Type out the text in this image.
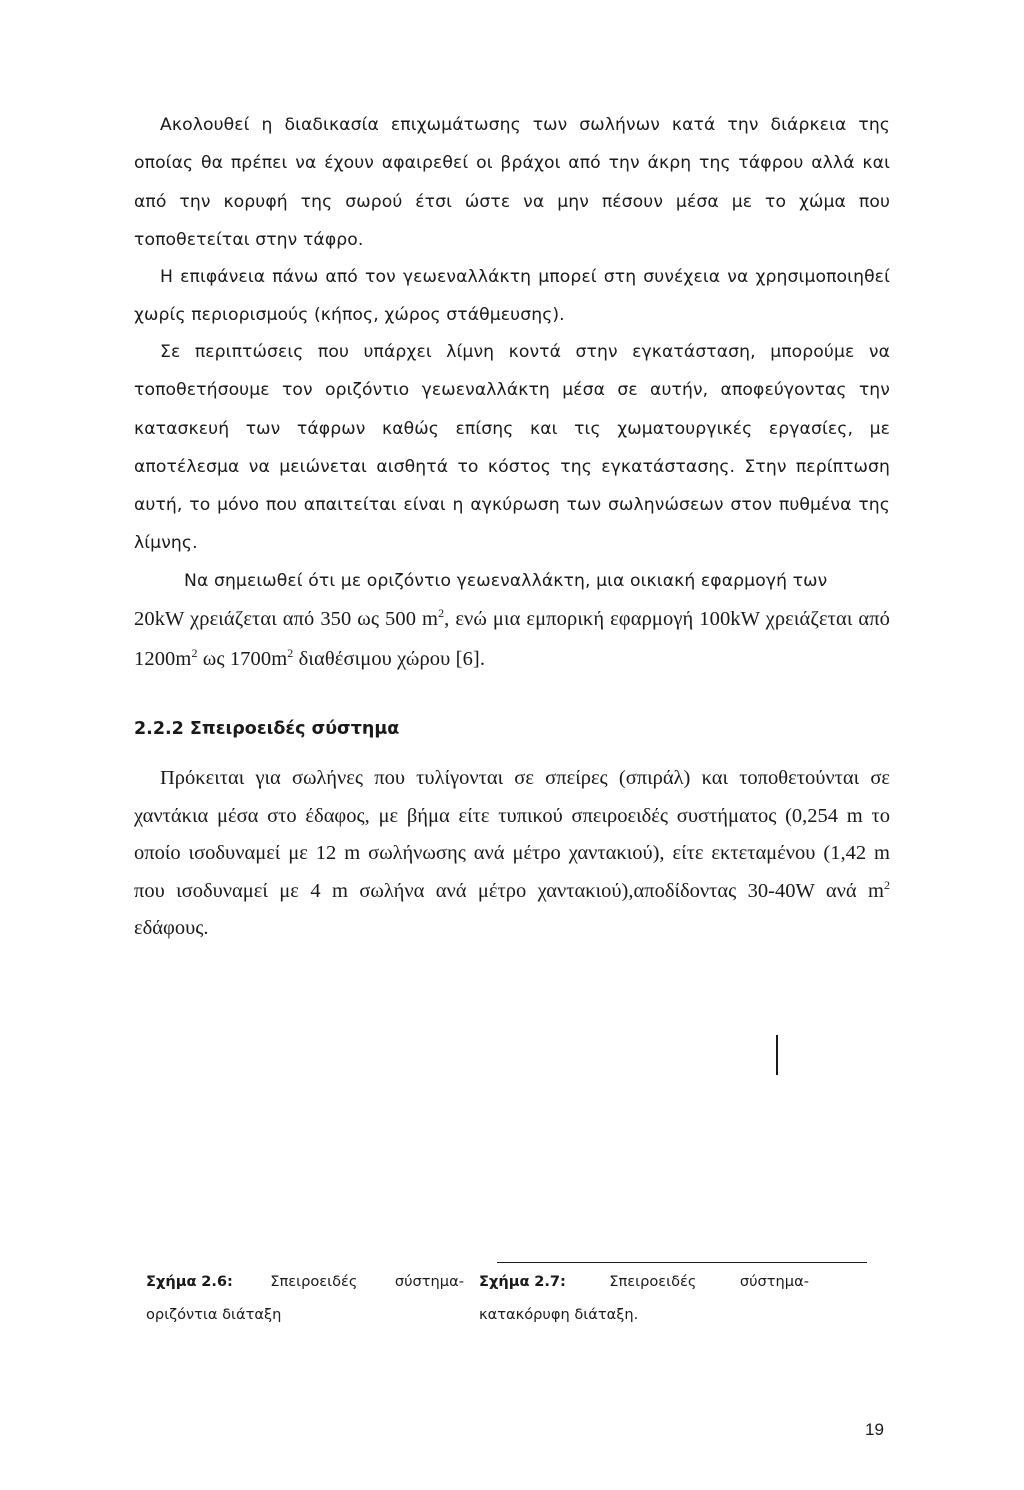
Ακολουθεί η διαδικασία επιχωμάτωσης των σωλήνων κατά την διάρκεια της οποίας θα πρέπει να έχουν αφαιρεθεί οι βράχοι από την άκρη της τάφρου αλλά και από την κορυφή της σωρού έτσι ώστε να μην πέσουν μέσα με το χώμα που τοποθετείται στην τάφρο.

Η επιφάνεια πάνω από τον γεωεναλλάκτη μπορεί στη συνέχεια να χρησιμοποιηθεί χωρίς περιορισμούς (κήπος, χώρος στάθμευσης).

Σε περιπτώσεις που υπάρχει λίμνη κοντά στην εγκατάσταση, μπορούμε να τοποθετήσουμε τον οριζόντιο γεωεναλλάκτη μέσα σε αυτήν, αποφεύγοντας την κατασκευή των τάφρων καθώς επίσης και τις χωματουργικές εργασίες, με αποτέλεσμα να μειώνεται αισθητά το κόστος της εγκατάστασης. Στην περίπτωση αυτή, το μόνο που απαιτείται είναι η αγκύρωση των σωληνώσεων στον πυθμένα της λίμνης.

Να σημειωθεί ότι με οριζόντιο γεωεναλλάκτη, μια οικιακή εφαρμογή των
20kW χρειάζεται από 350 ως 500 $m^2$, ενώ μια εμπορική εφαρμογή 100kW χρειάζεται από $1200m^2$ ως $1700m^2$ διαθέσιμου χώρου [6].

2.2.2 Σπειροειδές σύστημα

Πρόκειται για σωλήνες που τυλίγονται σε σπείρες (σπιράλ) και τοποθετούνται σε χαντάκια μέσα στο έδαφος, με βήμα είτε τυπικού σπειροειδές συστήματος (0,254 m το οποίο ισοδυναμεί με 12 m σωλήνωσης ανά μέτρο χαντακιού), είτε εκτεταμένου (1,42 m που ισοδυναμεί με 4 m σωλήνα ανά μέτρο χαντακιού),αποδίδοντας 30-40W ανά $m^2$ εδάφους.

Σχήμα 2.6:	Σπειροειδές	σύστημα-
οριζόντια διάταξη
Σχήμα 2.7:	Σπειροειδές	σύστημα-
κατακόρυφη διάταξη.

19
